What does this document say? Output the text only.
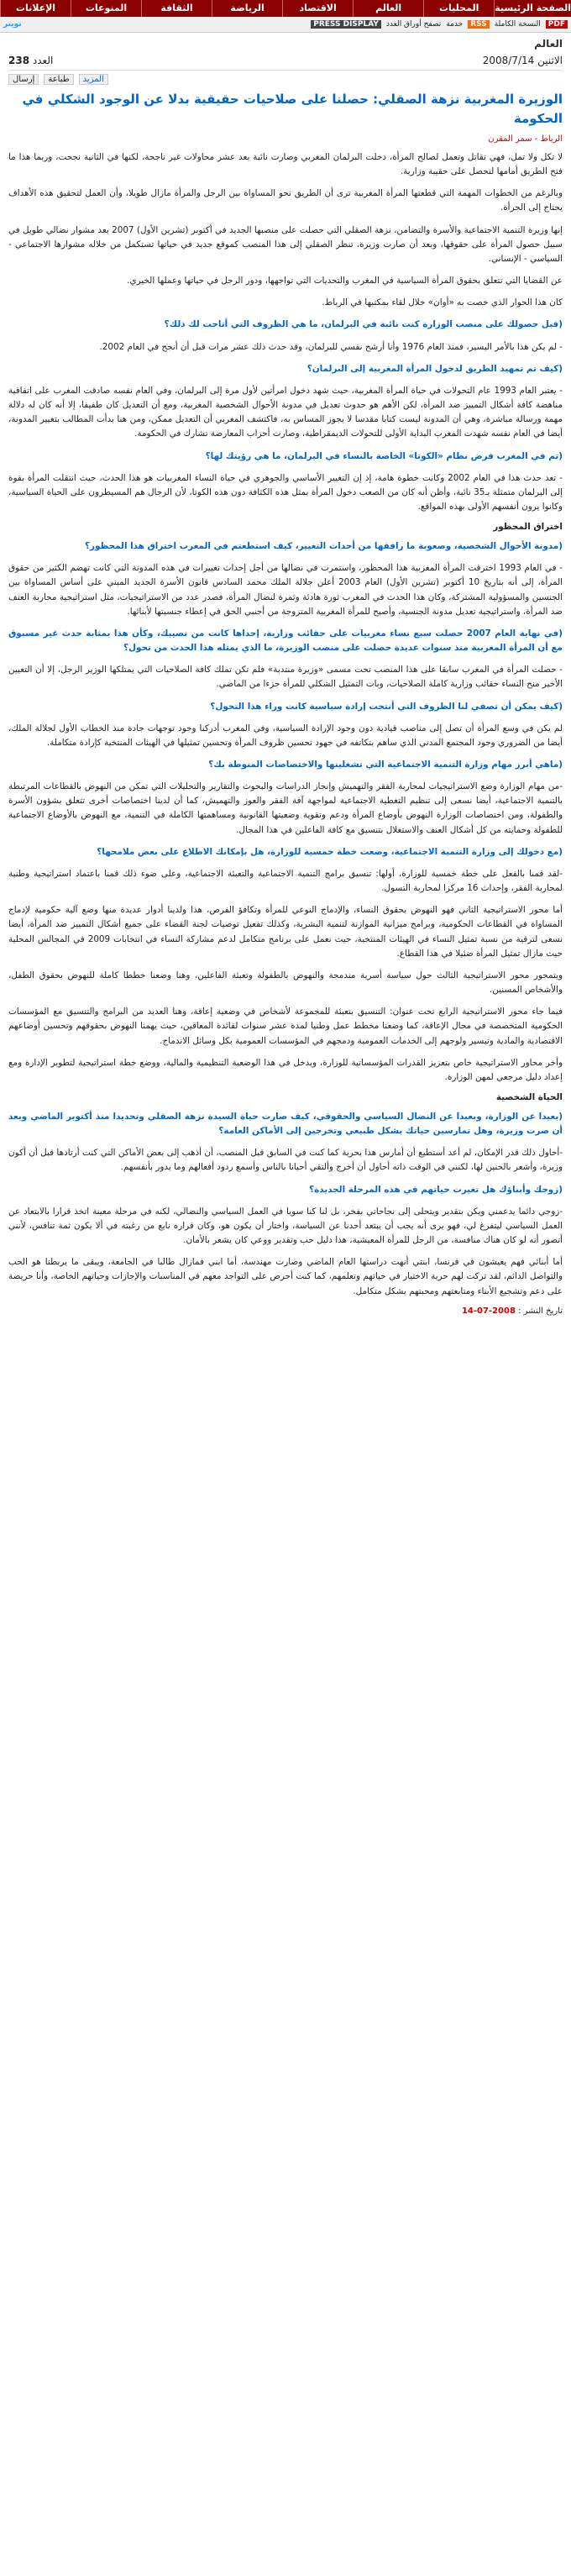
الصفحة الرئيسية
المحليات
العالم
الاقتصاد
الرياضة
الثقافة
المنوعات
الإعلانات
PDF
النسخة الكاملة
RSS
خدمة
تصفح أوراق العدد
PRESS DISPLAY
تويتر
العالم
الاثنين 2008/7/14
العدد 238
المزيد
طباعة
إرسال
الوزيرة المغربية نزهة الصقلي: حصلنا على صلاحيات حقيقية بدلا عن الوجود الشكلي في الحكومة
الرباط - سمر المقرن

لا تكل ولا تمل، فهي تقاتل وتعمل لصالح المرأة، دخلت البرلمان المغربي وصارت نائبة بعد عشر محاولات غير ناجحة، لكنها في الثانية نجحت، وربما هذا ما فتح الطريق أمامها لتحصل على حقيبة وزارية.

وبالرغم من الخطوات المهمة التي قطعتها المرأة المغربية ترى أن الطريق نحو المساواة بين الرجل والمرأة مازال طويلا، وأن العمل لتحقيق هذه الأهداف يحتاج إلى الجرأة.

إنها وزيرة التنمية الاجتماعية والأسرة والتضامن، نزهة الصقلي التي حصلت على منصبها الجديد في أكتوبر (تشرين الأول) 2007 بعد مشوار نضالي طويل في سبيل حصول المرأة على حقوقها، وبعد أن صارت وزيرة، تنظر الصقلي إلى هذا المنصب كموقع جديد في حياتها تستكمل من خلاله مشوارها الاجتماعي - السياسي - الإنساني.

عن القضايا التي تتعلق بحقوق المرأة السياسية في المغرب والتحديات التي تواجهها، ودور الرجل في حياتها وعملها الخيري.

كان هذا الحوار الذي خصت به «أوان» خلال لقاء بمكتبها في الرباط.

(قبل حصولك على منصب الوزارة كنت نائبة في البرلمان، ما هي الظروف التي أتاحت لك ذلك؟

- لم يكن هذا بالأمر اليسير، فمنذ العام 1976 وأنا أرشح نفسي للبرلمان، وقد حدث ذلك عشر مرات قبل أن أنجح في العام 2002.

(كيف تم تمهيد الطريق لدخول المرأة المغربية إلى البرلمان؟

- يعتبر العام 1993 عام التحولات في حياة المرأة المغربية، حيث شهد دخول امرأتين لأول مرة إلى البرلمان، وفي العام نفسه صادقت المغرب على اتفاقية مناهضة كافة أشكال التمييز ضد المرأة، لكن الأهم هو حدوث تعديل في مدونة الأحوال الشخصية المغربية، ومع أن التعديل كان طفيفا، إلا أنه كان له دلالة مهمة ورسالة مباشرة، وهي أن المدونة ليست كتابا مقدسا لا يجوز المساس به، فاكتشف المغربي أن التعديل ممكن، ومن هنا بدأت المطالب بتغيير المدونة، أيضا في العام نفسه شهدت المغرب البداية الأولى للتحولات الديمقراطية، وصارت أحزاب المعارضة تشارك في الحكومة.

(تم في المغرب فرض نظام «الكوتا» الخاصة بالنساء في البرلمان، ما هي رؤيتك لها؟

- تعد حدث هذا في العام 2002 وكانت خطوة هامة، إذ إن التغيير الأساسي والجوهري في حياة النساء المغربيات هو هذا الحدث، حيث انتقلت المرأة بقوة إلى البرلمان متمثلة بـ35 نائبة، وأظن أنه كان من الصعب دخول المرأة بمثل هذه الكثافة دون هذه الكوتا، لأن الرجال هم المسيطرون على الحياة السياسية، وكانوا يرون أنفسهم الأولى بهذه المواقع.

اختراق المحظور

(مدونة الأحوال الشخصية، وصعوبة ما رافقها من أحداث التغيير، كيف استطعتم في المغرب اختراق هذا المحظور؟

- في العام 1993 اخترقت المرأة المغربية هذا المحظور، واستمرت في نضالها من أجل إحداث تغييرات في هذه المدونة التي كانت تهضم الكثير من حقوق المرأة، إلى أنه بتاريخ 10 أكتوبر (تشرين الأول) العام 2003 أعلن جلالة الملك محمد السادس قانون الأسرة الجديد المبني على أساس المساواة بين الجنسين والمسؤولية المشتركة، وكان هذا الحدث في المغرب ثورة هادئة وثمرة لنضال المرأة، فصدر عدد من الاستراتيجيات، مثل استراتيجية محاربة العنف ضد المرأة، واستراتيجية تعديل مدونة الجنسية، وأصبح للمرأة المغربية المتزوجة من أجنبي الحق في إعطاء جنسيتها لأبنائها.

(في نهاية العام 2007 حصلت سبع نساء مغربيات على حقائب وزارية، إحداها كانت من نصيبك، وكأن هذا بمثابة حدث غير مسبوق مع أن المرأة المغربية منذ سنوات عديدة حصلت على منصب الوزيرة، ما الذي يمثله هذا الحدث من تحول؟

- حصلت المرأة في المغرب سابقا على هذا المنصب تحت مسمى «وزيرة منتدبة» فلم تكن تملك كافة الصلاحيات التي يمتلكها الوزير الرجل، إلا أن التعيين الأخير منح النساء حقائب وزارية كاملة الصلاحيات، وبات التمثيل الشكلي للمرأة جزءا من الماضي.

(كيف يمكن أن تصفي لنا الظروف التي أنتجت إرادة سياسية كانت وراء هذا التحول؟

لم يكن في وسع المرأة أن تصل إلى مناصب قيادية دون وجود الإرادة السياسية، وفي المغرب أدركنا وجود توجهات جادة منذ الخطاب الأول لجلالة الملك، أيضا من الضروري وجود المجتمع المدني الذي ساهم بتكاتفه في جهود تحسين ظروف المرأة وتحسين تمثيلها في الهيئات المنتخبة كإرادة متكاملة.

(ماهي أبرز مهام وزارة التنمية الاجتماعية التي تشغلينها والاختصاصات المنوطة بك؟

-من مهام الوزارة وضع الاستراتيجيات لمحاربة الفقر والتهميش وإنجاز الدراسات والبحوث والتقارير والتحليلات التي تمكن من النهوض بالقطاعات المرتبطة بالتنمية الاجتماعية، أيضا نسعى إلى تنظيم التغطية الاجتماعية لمواجهة آفة الفقر والعوز والتهميش، كما أن لدينا اختصاصات أخرى تتعلق بشؤون الأسرة والطفولة، ومن اختصاصات الوزارة النهوض بأوضاع المرأة ودعم وتقوية وضعيتها القانونية ومساهمتها الكاملة في التنمية، مع النهوض بالأوضاع الاجتماعية للطفولة وحمايته من كل أشكال العنف والاستغلال بتنسيق مع كافة الفاعلين في هذا المجال.

(مع دخولك إلى وزارة التنمية الاجتماعية، وضعت خطة خمسية للوزارة، هل بإمكانك الاطلاع على بعض ملامحها؟

-لقد قمنا بالفعل على خطة خمسية للوزارة، أولها: تنسيق برامج التنمية الاجتماعية والتعبئة الاجتماعية، وعلى ضوء ذلك قمنا باعتماد استراتيجية وطنية لمحاربة الفقر، وإحداث 16 مركزا لمحاربة التسول.

أما محور الاستراتيجية الثاني فهو النهوض بحقوق النساء، والإدماج النوعي للمرأة وتكافؤ الفرص، هذا ولدينا أدوار عديدة منها وضع آلية حكومية لإدماج المساواة في القطاعات الحكومية، وبرامج ميزانية الموازنة لتنمية البشرية، وكذلك تفعيل توصيات لجنة القضاء على جميع أشكال التمييز ضد المرأة، أيضا نسعى لترقية من نسبة تمثيل النساء في الهيئات المنتخبة، حيث نعمل على برنامج متكامل لدعم مشاركة النساء في انتخابات 2009 في المجالس المحلية حيث مازال تمثيل المرأة ضئيلا في هذا القطاع.

ويتمحور محور الاستراتيجية الثالث حول سياسة أسرية مندمجة والنهوض بالطفولة وتعبئة الفاعلين، وهنا وضعنا خططا كاملة للنهوض بحقوق الطفل، والأشخاص المسنين.

فيما جاء محور الاستراتيجية الرابع تحت عنوان: التنسيق بتعبئة للمجموعة لأشخاص في وضعية إعاقة، وهنا العديد من البرامج والتنسيق مع المؤسسات الحكومية المتخصصة في مجال الإعاقة، كما وضعنا مخطط عمل وطنيا لمدة عشر سنوات لفائدة المعاقين، حيث يهمنا النهوض بحقوقهم وتحسين أوضاعهم الاقتصادية والمادية وتيسير ولوجهم إلى الخدمات العمومية ودمجهم في المؤسسات العمومية بكل وسائل الاندماج.

وأخر محاور الاستراتيجية خاص بتعزيز القدرات المؤسساتية للوزارة، ويدخل في هذا الوضعية التنظيمية والمالية، ووضع خطة استراتيجية لتطوير الإدارة ومع إعداد دليل مرجعي لمهن الوزارة.

الحياة الشخصية

(بعيدا عن الوزارة، وبعيدا عن النضال السياسي والحقوقي، كيف صارت حياة السيدة نزهة الصقلي وتحديدا منذ أكتوبر الماضي وبعد أن صرت وزيرة، وهل تمارسين حياتك بشكل طبيعي وتخرجين إلى الأماكن العامة؟

-أحاول ذلك قدر الإمكان، لم أعد أستطيع أن أمارس هذا بحرية كما كنت في السابق قبل المنصب، أن أذهب إلى بعض الأماكن التي كنت أرتادها قبل أن أكون وزيرة، وأشعر بالحنين لها، لكنني في الوقت ذاته أحاول أن أخرج وألتقي أحيانا بالناس وأسمع ردود أفعالهم وما يدور بأنفسهم.

(زوجك وأبناؤك هل تغيرت حياتهم في هذه المرحلة الجديدة؟

-زوجي دائما يدعمني ويكن بتقدير ويتحلى إلى نجاحاتي بفخر، بل لنا كنا سويا في العمل السياسي والنضالي، لكنه في مرحلة معينة اتخذ قرارا بالابتعاد عن العمل السياسي ليتفرغ لي، فهو يرى أنه يجب أن يبتعد أحدنا عن السياسة، واختار أن يكون هو، وكان قراره نابع من رغبته في ألا يكون ثمة تنافس، لأنني أتصور أنه لو كان هناك منافسة، من الرجل للمرأة المعيشية، هذا دليل حب وتقدير ووعي كان يشعر بالأمان.

أما أبنائي فهم يعيشون في فرنسا، ابنتي أنهت دراستها العام الماضي وصارت مهندسة، أما ابني فمازال طالبا في الجامعة، ويبقى ما يربطنا هو الحب والتواصل الدائم، لقد تركت لهم حرية الاختيار في حياتهم وتعلمهم، كما كنت أحرص على التواجد معهم في المناسبات والإجازات وحياتهم الخاصة، وأنا حريصة على دعم وتشجيع الأبناء ومتابعتهم ومحبتهم بشكل متكامل.

تاريخ النشر :

14-07-2008
